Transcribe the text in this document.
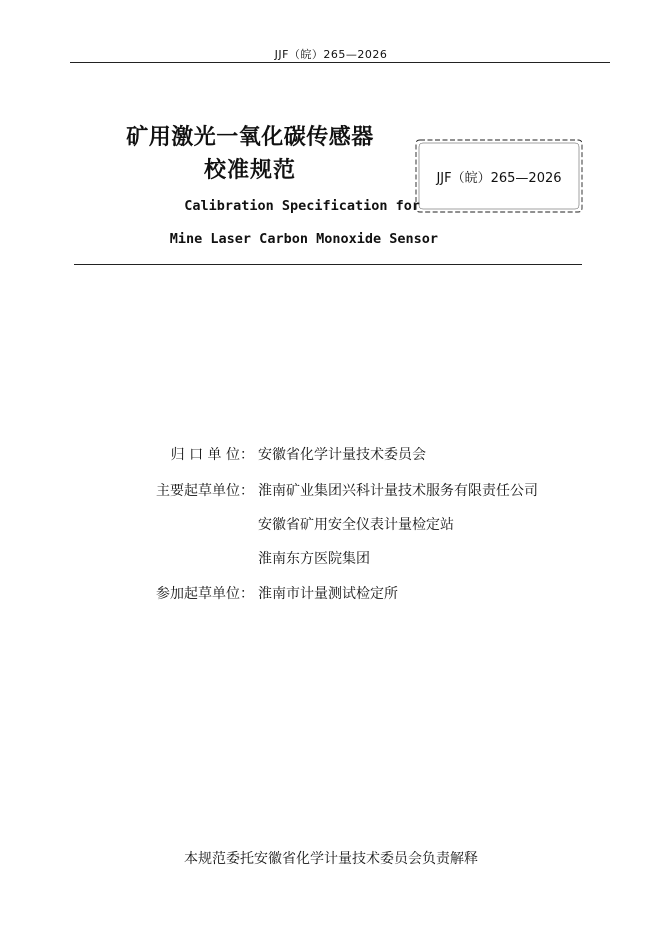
JJF（皖）265—2026
矿用激光一氧化碳传感器
校准规范
Calibration Specification for
Mine Laser Carbon Monoxide Sensor
JJF（皖）265—2026
归 口 单 位： 安徽省化学计量技术委员会
主要起草单位： 淮南矿业集团兴科计量技术服务有限责任公司
安徽省矿用安全仪表计量检定站
淮南东方医院集团
参加起草单位： 淮南市计量测试检定所
本规范委托安徽省化学计量技术委员会负责解释
